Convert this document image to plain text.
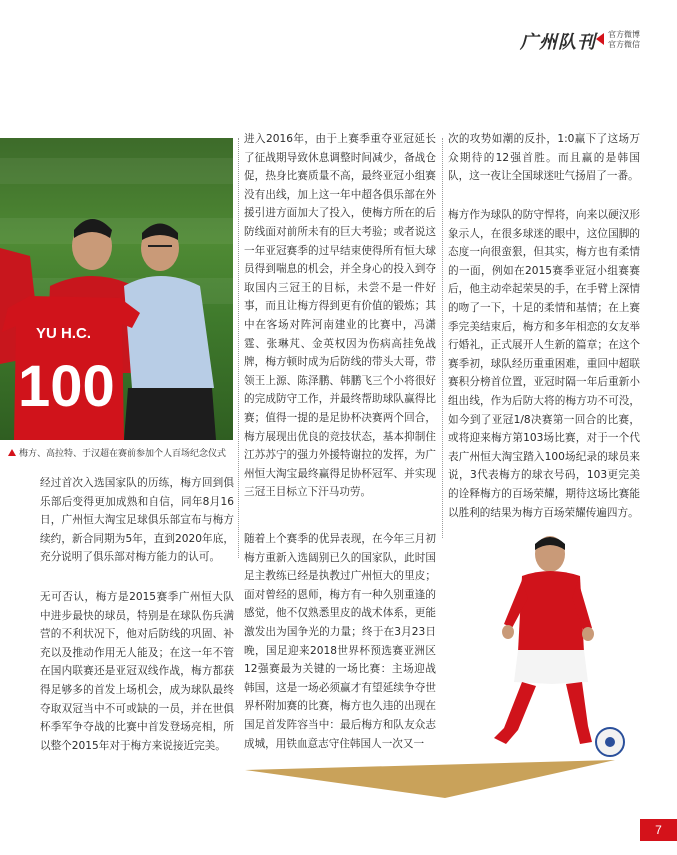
广州队刊 官方微博
官方微信
YU H.C.
100
梅方、高拉特、于汉超在赛前参加个人百场纪念仪式

经过首次入选国家队的历练，梅方回到俱乐部后变得更加成熟和自信，同年8月16日，广州恒大淘宝足球俱乐部宣布与梅方续约，新合同期为5年，直到2020年底，充分说明了俱乐部对梅方能力的认可。

无可否认，梅方是2015赛季广州恒大队中进步最快的球员，特别是在球队伤兵满营的不利状况下，他对后防线的巩固、补充以及推动作用无人能及；在这一年不管在国内联赛还是亚冠双线作战，梅方都获得足够多的首发上场机会，成为球队最终夺取双冠当中不可或缺的一员，并在世俱杯季军争夺战的比赛中首发登场亮相，所以整个2015年对于梅方来说接近完美。

进入2016年，由于上赛季重夺亚冠延长了征战期导致休息调整时间减少，备战仓促，热身比赛质量不高，最终亚冠小组赛没有出线，加上这一年中超各俱乐部在外援引进方面加大了投入，使梅方所在的后防线面对前所未有的巨大考验；或者说这一年亚冠赛季的过早结束使得所有恒大球员得到喘息的机会，并全身心的投入到夺取国内三冠王的目标，未尝不是一件好事，而且让梅方得到更有价值的锻炼；其中在客场对阵河南建业的比赛中，冯潇霆、张琳芃、金英权因为伤病高挂免战牌，梅方顿时成为后防线的带头大哥，带领王上源、陈泽鹏、韩鹏飞三个小将很好的完成防守工作，并最终帮助球队赢得比赛；值得一提的是足协杯决赛两个回合，梅方展现出优良的竞技状态，基本抑制住江苏苏宁的强力外援特谢拉的发挥，为广州恒大淘宝最终赢得足协杯冠军、并实现三冠王目标立下汗马功劳。

随着上个赛季的优异表现，在今年三月初梅方重新入选阔别已久的国家队，此时国足主教练已经是执教过广州恒大的里皮；面对曾经的恩师，梅方有一种久别重逢的感觉，他不仅熟悉里皮的战术体系，更能激发出为国争光的力量；终于在3月23日晚，国足迎来2018世界杯预选赛亚洲区12强赛最为关键的一场比赛：主场迎战韩国，这是一场必须赢才有望延续争夺世界杯附加赛的比赛，梅方也久违的出现在国足首发阵容当中：最后梅方和队友众志成城，用铁血意志守住韩国人一次又一

次的攻势如潮的反扑，1:0赢下了这场万众期待的12强首胜。而且赢的是韩国队，这一夜让全国球迷吐气扬眉了一番。

梅方作为球队的防守悍将，向来以硬汉形象示人，在很多球迷的眼中，这位国脚的态度一向很蛮狠，但其实，梅方也有柔情的一面，例如在2015赛季亚冠小组赛赛后，他主动牵起荣昊的手，在手臂上深情的吻了一下，十足的柔情和基情；在上赛季完美结束后，梅方和多年相恋的女友举行婚礼，正式展开人生新的篇章；在这个赛季初，球队经历重重困难，重回中超联赛积分榜首位置，亚冠时隔一年后重新小组出线，作为后防大将的梅方功不可没，如今到了亚冠1/8决赛第一回合的比赛，或将迎来梅方第103场比赛，对于一个代表广州恒大淘宝踏入100场纪录的球员来说，3代表梅方的球衣号码，103更完美的诠释梅方的百场荣耀，期待这场比赛能以胜利的结果为梅方百场荣耀传遍四方。

7
